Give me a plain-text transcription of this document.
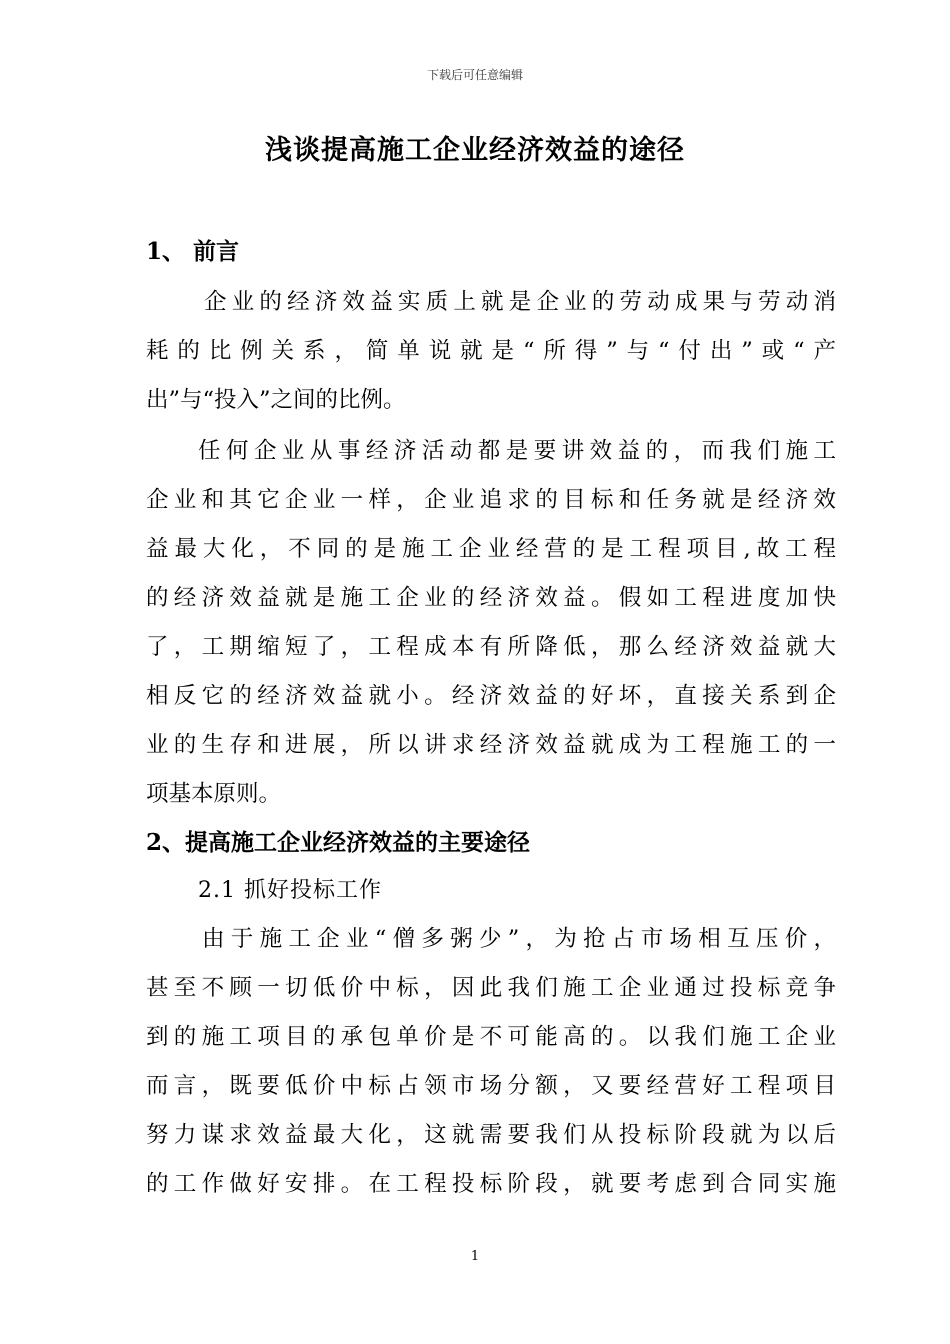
下载后可任意编辑
浅谈提高施工企业经济效益的途径
1、 前言
企业的经济效益实质上就是企业的劳动成果与劳动消
耗的比例关系，简单说就是“所得”与“付出”或“产
出”与“投入”之间的比例。
任何企业从事经济活动都是要讲效益的，而我们施工
企业和其它企业一样，企业追求的目标和任务就是经济效
益最大化，不同的是施工企业经营的是工程项目,故工程
的经济效益就是施工企业的经济效益。假如工程进度加快
了，工期缩短了，工程成本有所降低，那么经济效益就大
相反它的经济效益就小。经济效益的好坏，直接关系到企
业的生存和进展，所以讲求经济效益就成为工程施工的一
项基本原则。
2、提高施工企业经济效益的主要途径
2.1 抓好投标工作
由于施工企业“僧多粥少”，为抢占市场相互压价，
甚至不顾一切低价中标，因此我们施工企业通过投标竞争
到的施工项目的承包单价是不可能高的。以我们施工企业
而言，既要低价中标占领市场分额，又要经营好工程项目
努力谋求效益最大化，这就需要我们从投标阶段就为以后
的工作做好安排。在工程投标阶段，就要考虑到合同实施
1
